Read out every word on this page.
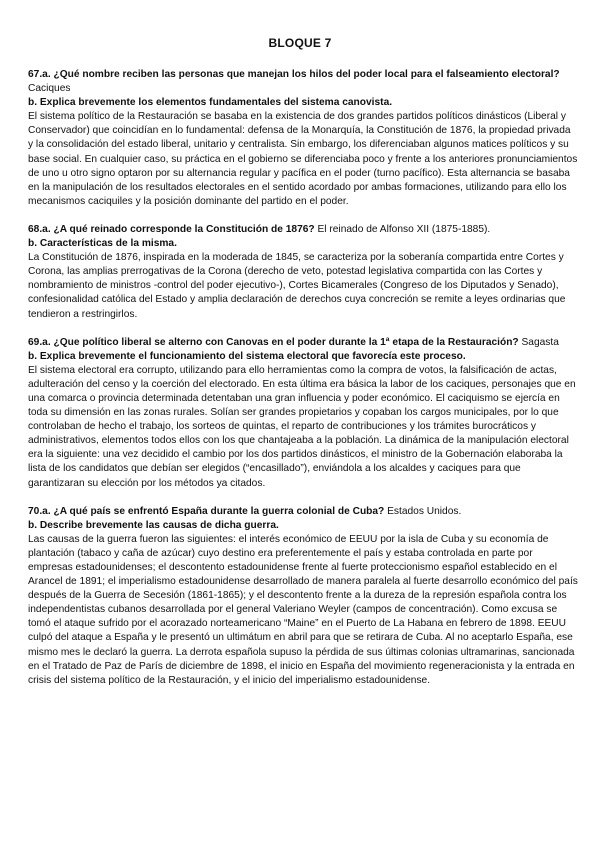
BLOQUE 7

67.a. ¿Qué nombre reciben las personas que manejan los hilos del poder local para el falseamiento electoral? Caciques

b. Explica brevemente los elementos fundamentales del sistema canovista.

El sistema político de la Restauración se basaba en la existencia de dos grandes partidos políticos dinásticos (Liberal y Conservador) que coincidían en lo fundamental: defensa de la Monarquía, la Constitución de 1876, la propiedad privada y la consolidación del estado liberal, unitario y centralista. Sin embargo, los diferenciaban algunos matices políticos y su base social. En cualquier caso, su práctica en el gobierno se diferenciaba poco y frente a los anteriores pronunciamientos de uno u otro signo optaron por su alternancia regular y pacífica en el poder (turno pacífico). Esta alternancia se basaba en la manipulación de los resultados electorales en el sentido acordado por ambas formaciones, utilizando para ello los mecanismos caciquiles y la posición dominante del partido en el poder.

68.a. ¿A qué reinado corresponde la Constitución de 1876? El reinado de Alfonso XII (1875-1885).

b. Características de la misma.

La Constitución de 1876, inspirada en la moderada de 1845, se caracteriza por la soberanía compartida entre Cortes y Corona, las amplias prerrogativas de la Corona (derecho de veto, potestad legislativa compartida con las Cortes y nombramiento de ministros -control del poder ejecutivo-), Cortes Bicamerales (Congreso de los Diputados y Senado), confesionalidad católica del Estado y amplia declaración de derechos cuya concreción se remite a leyes ordinarias que tendieron a restringirlos.

69.a. ¿Que político liberal se alterno con Canovas en el poder durante la 1ª etapa de la Restauración? Sagasta

b. Explica brevemente el funcionamiento del sistema electoral que favorecía este proceso.

El sistema electoral era corrupto, utilizando para ello herramientas como la compra de votos, la falsificación de actas, adulteración del censo y la coerción del electorado. En esta última era básica la labor de los caciques, personajes que en una comarca o provincia determinada detentaban una gran influencia y poder económico. El caciquismo se ejercía en toda su dimensión en las zonas rurales. Solían ser grandes propietarios y copaban los cargos municipales, por lo que controlaban de hecho el trabajo, los sorteos de quintas, el reparto de contribuciones y los trámites burocráticos y administrativos, elementos todos ellos con los que chantajeaba a la población. La dinámica de la manipulación electoral era la siguiente: una vez decidido el cambio por los dos partidos dinásticos, el ministro de la Gobernación elaboraba la lista de los candidatos que debían ser elegidos (“encasillado”), enviándola a los alcaldes y caciques para que garantizaran su elección por los métodos ya citados.

70.a. ¿A qué país se enfrentó España durante la guerra colonial de Cuba? Estados Unidos.

b. Describe brevemente las causas de dicha guerra.

Las causas de la guerra fueron las siguientes: el interés económico de EEUU por la isla de Cuba y su economía de plantación (tabaco y caña de azúcar) cuyo destino era preferentemente el país y estaba controlada en parte por empresas estadounidenses; el descontento estadounidense frente al fuerte proteccionismo español establecido en el Arancel de 1891; el imperialismo estadounidense desarrollado de manera paralela al fuerte desarrollo económico del país después de la Guerra de Secesión (1861-1865); y el descontento frente a la dureza de la represión española contra los independentistas cubanos desarrollada por el general Valeriano Weyler (campos de concentración). Como excusa se tomó el ataque sufrido por el acorazado norteamericano “Maine” en el Puerto de La Habana en febrero de 1898. EEUU culpó del ataque a España y le presentó un ultimátum en abril para que se retirara de Cuba. Al no aceptarlo España, ese mismo mes le declaró la guerra. La derrota española supuso la pérdida de sus últimas colonias ultramarinas, sancionada en el Tratado de Paz de París de diciembre de 1898, el inicio en España del movimiento regeneracionista y la entrada en crisis del sistema político de la Restauración, y el inicio del imperialismo estadounidense.
